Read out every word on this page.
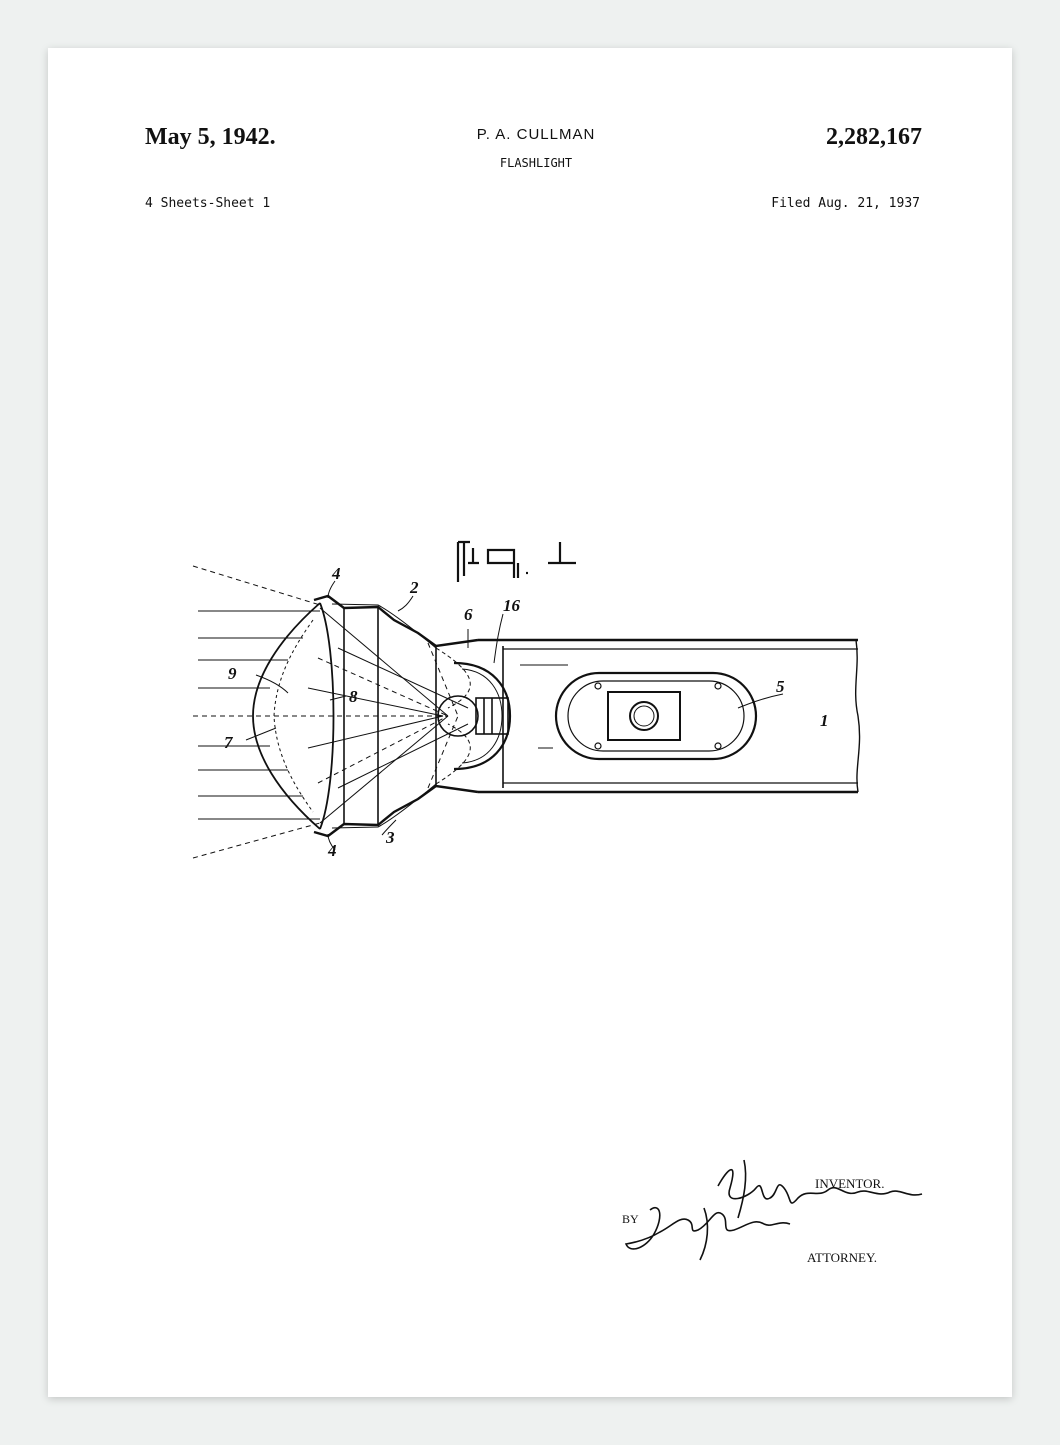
May 5, 1942.	P. A. CULLMAN
FLASHLIGHT
2,282,167
4 Sheets-Sheet 1	Filed Aug. 21, 1937
4
2
6 16
9
8
7
5
1
3
4
INVENTOR.
BY
ATTORNEY.
